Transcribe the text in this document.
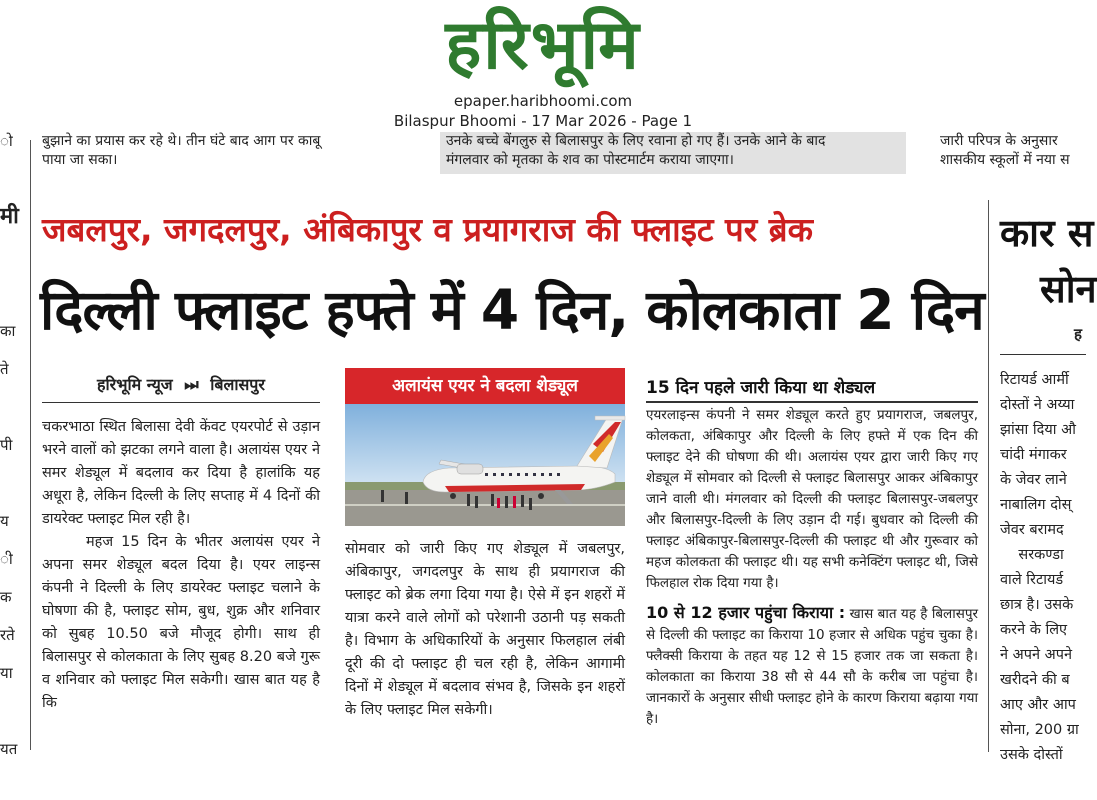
हरिभूमि
epaper.haribhoomi.com
Bilaspur Bhoomi - 17 Mar 2026 - Page 1
बुझाने का प्रयास कर रहे थे। तीन घंटे बाद आग पर काबू
पाया जा सका।
उनके बच्चे बेंगलुरु से बिलासपुर के लिए रवाना हो गए हैं। उनके आने के बाद
मंगलवार को मृतका के शव का पोस्टमार्टम कराया जाएगा।
जारी परिपत्र के अनुसार
शासकीय स्कूलों में नया स
ो
मी
का
ते
पी
य
ी
क
रते
या
यत
जबलपुर, जगदलपुर, अंबिकापुर व प्रयागराज की फ्लाइट पर ब्रेक
दिल्ली फ्लाइट हफ्ते में 4 दिन, कोलकाता 2 दिन
हरिभूमि न्यूज ⏭ बिलासपुर
चकरभाठा स्थित बिलासा देवी केंवट एयरपोर्ट से उड़ान भरने वालों को झटका लगने वाला है। अलायंस एयर ने समर शेड्यूल में बदलाव कर दिया है हालांकि यह अधूरा है, लेकिन दिल्ली के लिए सप्ताह में 4 दिनों की डायरेक्ट फ्लाइट मिल रही है।
महज 15 दिन के भीतर अलायंस एयर ने अपना समर शेड्यूल बदल दिया है। एयर लाइन्स कंपनी ने दिल्ली के लिए डायरेक्ट फ्लाइट चलाने के घोषणा की है, फ्लाइट सोम, बुध, शुक्र और शनिवार को सुबह 10.50 बजे मौजूद होगी। साथ ही बिलासपुर से कोलकाता के लिए सुबह 8.20 बजे गुरू व शनिवार को फ्लाइट मिल सकेगी। खास बात यह है कि
अलायंस एयर ने बदला शेड्यूल
सोमवार को जारी किए गए शेड्यूल में जबलपुर, अंबिकापुर, जगदलपुर के साथ ही प्रयागराज की फ्लाइट को ब्रेक लगा दिया गया है। ऐसे में इन शहरों में यात्रा करने वाले लोगों को परेशानी उठानी पड़ सकती है। विभाग के अधिकारियों के अनुसार फिलहाल लंबी दूरी की दो फ्लाइट ही चल रही है, लेकिन आगामी दिनों में शेड्यूल में बदलाव संभव है, जिसके इन शहरों के लिए फ्लाइट मिल सकेगी।
15 दिन पहले जारी किया था शेड्यल
एयरलाइन्स कंपनी ने समर शेड्यूल करते हुए प्रयागराज, जबलपुर, कोलकता, अंबिकापुर और दिल्ली के लिए हफ्ते में एक दिन की फ्लाइट देने की घोषणा की थी। अलायंस एयर द्वारा जारी किए गए शेड्यूल में सोमवार को दिल्ली से फ्लाइट बिलासपुर आकर अंबिकापुर जाने वाली थी। मंगलवार को दिल्ली की फ्लाइट बिलासपुर-जबलपुर और बिलासपुर-दिल्ली के लिए उड़ान दी गई। बुधवार को दिल्ली की फ्लाइट अंबिकापुर-बिलासपुर-दिल्ली की फ्लाइट थी और गुरूवार को महज कोलकता की फ्लाइट थी। यह सभी कनेक्टिंग फ्लाइट थी, जिसे फिलहाल रोक दिया गया है।
10 से 12 हजार पहुंचा किराया : खास बात यह है बिलासपुर से दिल्ली की फ्लाइट का किराया 10 हजार से अधिक पहुंच चुका है। फ्लैक्सी किराया के तहत यह 12 से 15 हजार तक जा सकता है। कोलकाता का किराया 38 सौ से 44 सौ के करीब जा पहुंचा है। जानकारों के अनुसार सीधी फ्लाइट होने के कारण किराया बढ़ाया गया है।
कार स
सोन
ह
रिटायर्ड आर्मी
दोस्तों ने अय्या
झांसा दिया औ
चांदी मंगाकर
के जेवर लाने
नाबालिग दोस्
जेवर बरामद
सरकण्डा
वाले रिटायर्ड
छात्र है। उसके
करने के लिए
ने अपने अपने
खरीदने की ब
आए और आप
सोना, 200 ग्रा
उसके दोस्तों
